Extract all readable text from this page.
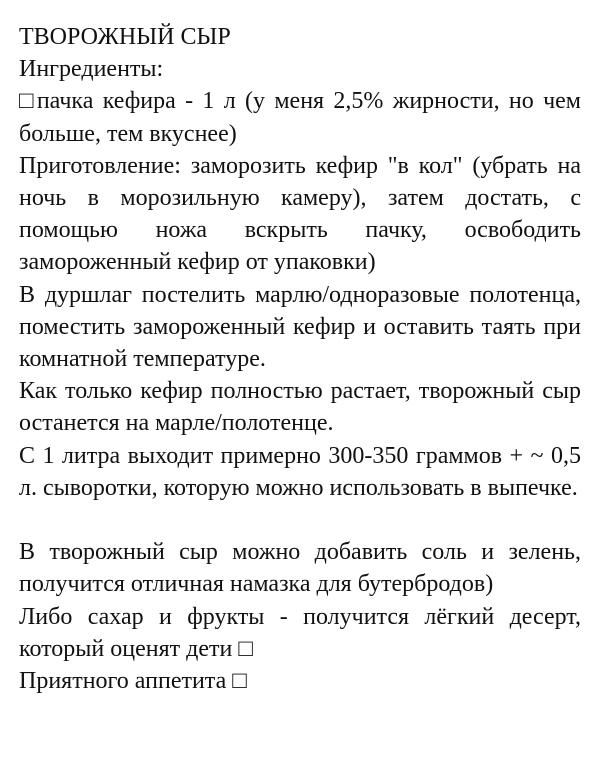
ТВОРОЖНЫЙ СЫР

Ингредиенты:

□пачка кефира - 1 л (у меня 2,5% жирности, но чем больше, тем вкуснее)

Приготовление: заморозить кефир "в кол" (убрать на ночь в морозильную камеру), затем достать, с помощью ножа вскрыть пачку, освободить замороженный кефир от упаковки)

В дуршлаг постелить марлю/одноразовые полотенца, поместить замороженный кефир и оставить таять при комнатной температуре.

Как только кефир полностью растает, творожный сыр останется на марле/полотенце.

С 1 литра выходит примерно 300-350 граммов + ~ 0,5 л. сыворотки, которую можно использовать в выпечке.

В творожный сыр можно добавить соль и зелень, получится отличная намазка для бутербродов)

Либо сахар и фрукты - получится лёгкий десерт, который оценят дети □

Приятного аппетита □
